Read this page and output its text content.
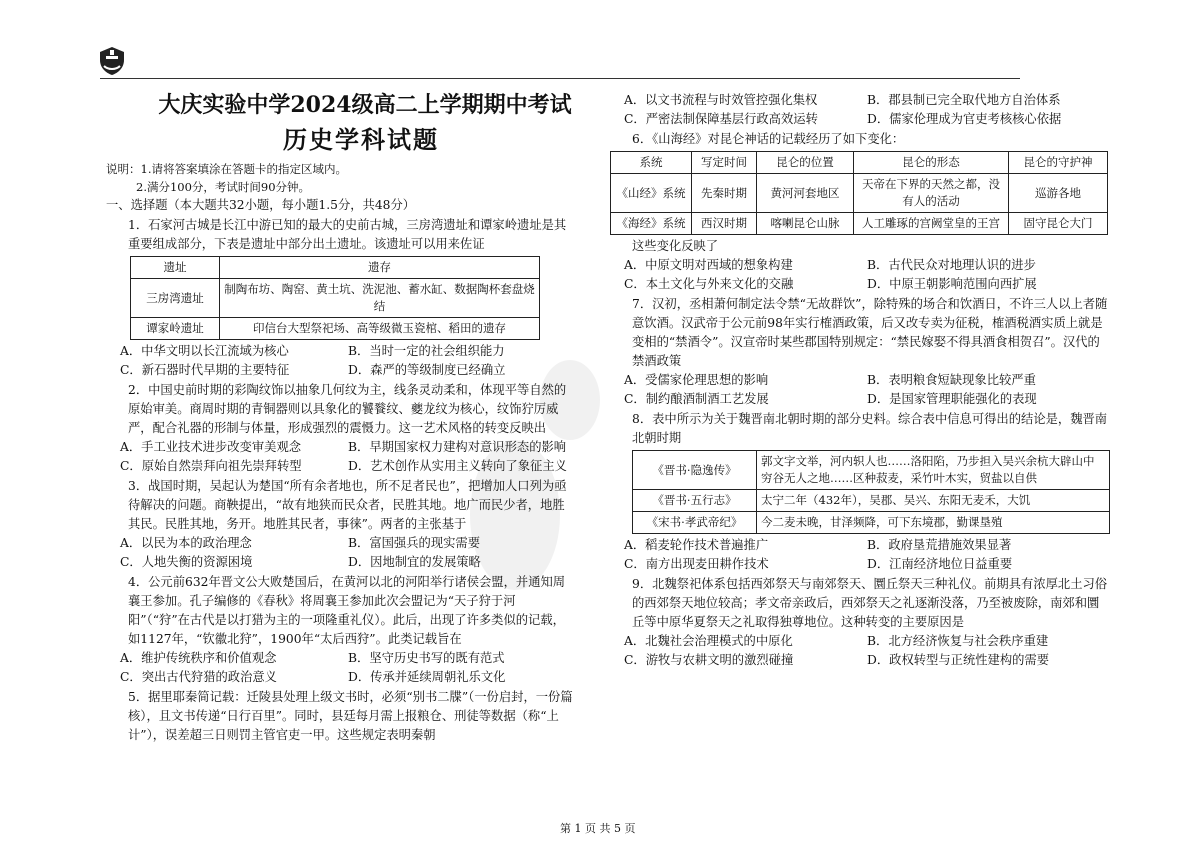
大庆实验中学2024级高二上学期期中考试
历史学科试题
说明：1.请将答案填涂在答题卡的指定区域内。
2.满分100分，考试时间90分钟。
一、选择题（本大题共32小题，每小题1.5分，共48分）

1．石家河古城是长江中游已知的最大的史前古城，三房湾遗址和谭家岭遗址是其重要组成部分，下表是遗址中部分出土遗址。该遗址可以用来佐证

遗址	遗存
三房湾遗址	制陶布坊、陶窑、黄土坑、洗泥池、蓄水缸、数据陶杯套盘烧结
谭家岭遗址	印信台大型祭祀场、高等级微玉瓷棺、稻田的遗存
A．中华文明以长江流域为核心	B．当时一定的社会组织能力
C．新石器时代早期的主要特征	D．森严的等级制度已经确立

2．中国史前时期的彩陶纹饰以抽象几何纹为主，线条灵动柔和，体现平等自然的原始审美。商周时期的青铜器则以具象化的饕餮纹、夔龙纹为核心，纹饰狞厉威严，配合礼器的形制与体量，形成强烈的震慑力。这一艺术风格的转变反映出

A．手工业技术进步改变审美观念	B．早期国家权力建构对意识形态的影响
C．原始自然崇拜向祖先崇拜转型	D．艺术创作从实用主义转向了象征主义

3．战国时期，吴起认为楚国“所有余者地也，所不足者民也”，把增加人口列为亟待解决的问题。商鞅提出，“故有地狭而民众者，民胜其地。地广而民少者，地胜其民。民胜其地，务开。地胜其民者，事徕”。两者的主张基于

A．以民为本的政治理念	B．富国强兵的现实需要
C．人地失衡的资源困境	D．因地制宜的发展策略

4．公元前632年晋文公大败楚国后，在黄河以北的河阳举行诸侯会盟，并通知周襄王参加。孔子编修的《春秋》将周襄王参加此次会盟记为“天子狩于河阳”（“狩”在古代是以打猎为主的一项隆重礼仪）。此后，出现了许多类似的记载，如1127年，“钦徽北狩”，1900年“太后西狩”。此类记载旨在

A．维护传统秩序和价值观念	B．坚守历史书写的既有范式
C．突出古代狩猎的政治意义	D．传承并延续周朝礼乐文化

5．据里耶秦简记载：迁陵县处理上级文书时，必须“别书二牒”（一份启封，一份篇核），且文书传递“日行百里”。同时，县廷每月需上报粮仓、刑徒等数据（称“上计”），误差超三日则罚主管官吏一甲。这些规定表明秦朝

A．以文书流程与时效管控强化集权	B．郡县制已完全取代地方自治体系
C．严密法制保障基层行政高效运转	D．儒家伦理成为官吏考核核心依据

6．《山海经》对昆仑神话的记载经历了如下变化：

系统	写定时间	昆仑的位置	昆仑的形态	昆仑的守护神
《山经》系统	先秦时期	黄河河套地区	天帝在下界的天然之都，没有人的活动	巡游各地
《海经》系统	西汉时期	喀喇昆仑山脉	人工雕琢的宫阙堂皇的王宫	固守昆仑大门

这些变化反映了

A．中原文明对西域的想象构建	B．古代民众对地理认识的进步
C．本土文化与外来文化的交融	D．中原王朝影响范围向西扩展

7．汉初，丞相萧何制定法令禁“无故群饮”，除特殊的场合和饮酒日，不许三人以上者随意饮酒。汉武帝于公元前98年实行榷酒政策，后又改专卖为征税，榷酒税酒实质上就是变相的“禁酒令”。汉宣帝时某些郡国特别规定：“禁民嫁娶不得具酒食相贺召”。汉代的禁酒政策

A．受儒家伦理思想的影响	B．表明粮食短缺现象比较严重
C．制约酿酒制酒工艺发展	D．是国家管理职能强化的表现

8．表中所示为关于魏晋南北朝时期的部分史料。综合表中信息可得出的结论是，魏晋南北朝时期

《晋书·隐逸传》	郭文字文举，河内轵人也……洛阳陷，乃步担入吴兴余杭大辟山中穷谷无人之地……区种菽麦，采竹叶木实，贸盐以自供
《晋书·五行志》	太宁二年（432年），吴郡、吴兴、东阳无麦禾，大饥
《宋书·孝武帝纪》	今二麦未晚，甘泽频降，可下东境郡，勤课垦殖
A．稻麦轮作技术普遍推广	B．政府垦荒措施效果显著
C．南方出现麦田耕作技术	D．江南经济地位日益重要

9．北魏祭祀体系包括西郊祭天与南郊祭天、圜丘祭天三种礼仪。前期具有浓厚北土习俗的西郊祭天地位较高；孝文帝亲政后，西郊祭天之礼逐渐没落，乃至被废除，南郊和圜丘等中原华夏祭天之礼取得独尊地位。这种转变的主要原因是

A．北魏社会治理模式的中原化	B．北方经济恢复与社会秩序重建
C．游牧与农耕文明的激烈碰撞	D．政权转型与正统性建构的需要
第 1 页 共 5 页
